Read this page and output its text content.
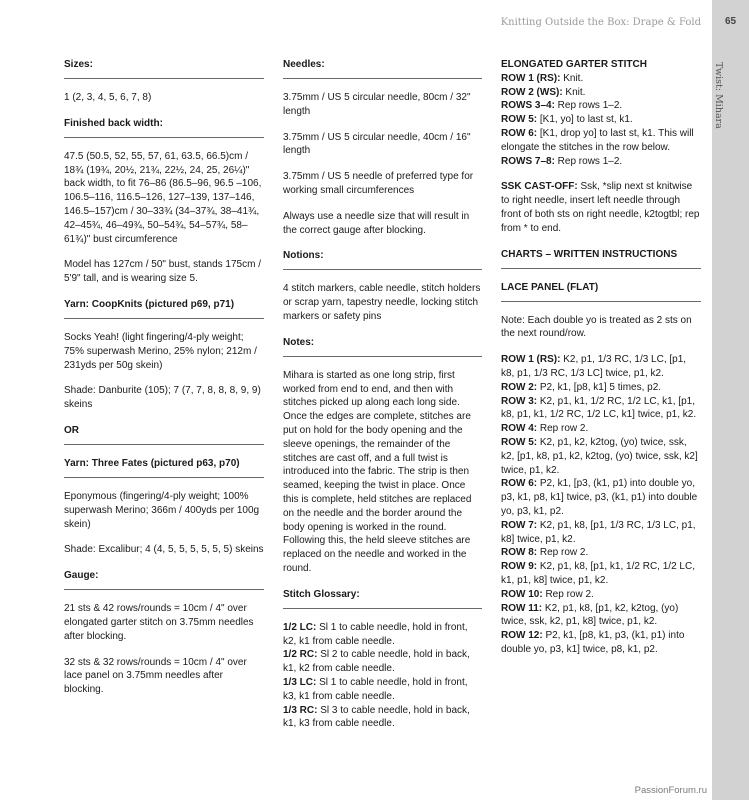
Knitting Outside the Box: Drape & Fold	65
Twist: Mihara
PassionForum.ru
Sizes:
1 (2, 3, 4, 5, 6, 7, 8)
Finished back width:
47.5 (50.5, 52, 55, 57, 61, 63.5, 66.5)cm / 18¾ (19¾, 20½, 21¾, 22½, 24, 25, 26¼)" back width, to fit 76–86 (86.5–96, 96.5 –106, 106.5–116, 116.5–126, 127–139, 137–146, 146.5–157)cm / 30–33¾ (34–37¾, 38–41¾, 42–45¾, 46–49¾, 50–54¾, 54–57¾, 58–61¾)" bust circumference
Model has 127cm / 50" bust, stands 175cm / 5'9" tall, and is wearing size 5.
Yarn: CoopKnits (pictured p69, p71)
Socks Yeah! (light fingering/4-ply weight; 75% superwash Merino, 25% nylon; 212m / 231yds per 50g skein)
Shade: Danburite (105); 7 (7, 7, 8, 8, 8, 9, 9) skeins
OR
Yarn: Three Fates (pictured p63, p70)
Eponymous (fingering/4-ply weight; 100% superwash Merino; 366m / 400yds per 100g skein)
Shade: Excalibur; 4 (4, 5, 5, 5, 5, 5, 5) skeins
Gauge:
21 sts & 42 rows/rounds = 10cm / 4" over elongated garter stitch on 3.75mm needles after blocking.
32 sts & 32 rows/rounds = 10cm / 4" over lace panel on 3.75mm needles after blocking.
Needles:
3.75mm / US 5 circular needle, 80cm / 32" length
3.75mm / US 5 circular needle, 40cm / 16" length
3.75mm / US 5 needle of preferred type for working small circumferences
Always use a needle size that will result in the correct gauge after blocking.
Notions:
4 stitch markers, cable needle, stitch holders or scrap yarn, tapestry needle, locking stitch markers or safety pins
Notes:
Mihara is started as one long strip, first worked from end to end, and then with stitches picked up along each long side. Once the edges are complete, stitches are put on hold for the body opening and the sleeve openings, the remainder of the stitches are cast off, and a full twist is introduced into the fabric. The strip is then seamed, keeping the twist in place. Once this is complete, held stitches are replaced on the needle and the border around the body opening is worked in the round. Following this, the held sleeve stitches are replaced on the needle and worked in the round.
Stitch Glossary:
1/2 LC: Sl 1 to cable needle, hold in front, k2, k1 from cable needle.
1/2 RC: Sl 2 to cable needle, hold in back, k1, k2 from cable needle.
1/3 LC: Sl 1 to cable needle, hold in front, k3, k1 from cable needle.
1/3 RC: Sl 3 to cable needle, hold in back, k1, k3 from cable needle.
ELONGATED GARTER STITCH
ROW 1 (RS): Knit.
ROW 2 (WS): Knit.
ROWS 3–4: Rep rows 1–2.
ROW 5: [K1, yo] to last st, k1.
ROW 6: [K1, drop yo] to last st, k1. This will elongate the stitches in the row below.
ROWS 7–8: Rep rows 1–2.
SSK CAST-OFF: Ssk, *slip next st knitwise to right needle, insert left needle through front of both sts on right needle, k2togtbl; rep from * to end.
CHARTS – WRITTEN INSTRUCTIONS
LACE PANEL (FLAT)
Note: Each double yo is treated as 2 sts on the next round/row.
ROW 1 (RS): K2, p1, 1/3 RC, 1/3 LC, [p1, k8, p1, 1/3 RC, 1/3 LC] twice, p1, k2.
ROW 2: P2, k1, [p8, k1] 5 times, p2.
ROW 3: K2, p1, k1, 1/2 RC, 1/2 LC, k1, [p1, k8, p1, k1, 1/2 RC, 1/2 LC, k1] twice, p1, k2.
ROW 4: Rep row 2.
ROW 5: K2, p1, k2, k2tog, (yo) twice, ssk, k2, [p1, k8, p1, k2, k2tog, (yo) twice, ssk, k2] twice, p1, k2.
ROW 6: P2, k1, [p3, (k1, p1) into double yo, p3, k1, p8, k1] twice, p3, (k1, p1) into double yo, p3, k1, p2.
ROW 7: K2, p1, k8, [p1, 1/3 RC, 1/3 LC, p1, k8] twice, p1, k2.
ROW 8: Rep row 2.
ROW 9: K2, p1, k8, [p1, k1, 1/2 RC, 1/2 LC, k1, p1, k8] twice, p1, k2.
ROW 10: Rep row 2.
ROW 11: K2, p1, k8, [p1, k2, k2tog, (yo) twice, ssk, k2, p1, k8] twice, p1, k2.
ROW 12: P2, k1, [p8, k1, p3, (k1, p1) into double yo, p3, k1] twice, p8, k1, p2.
